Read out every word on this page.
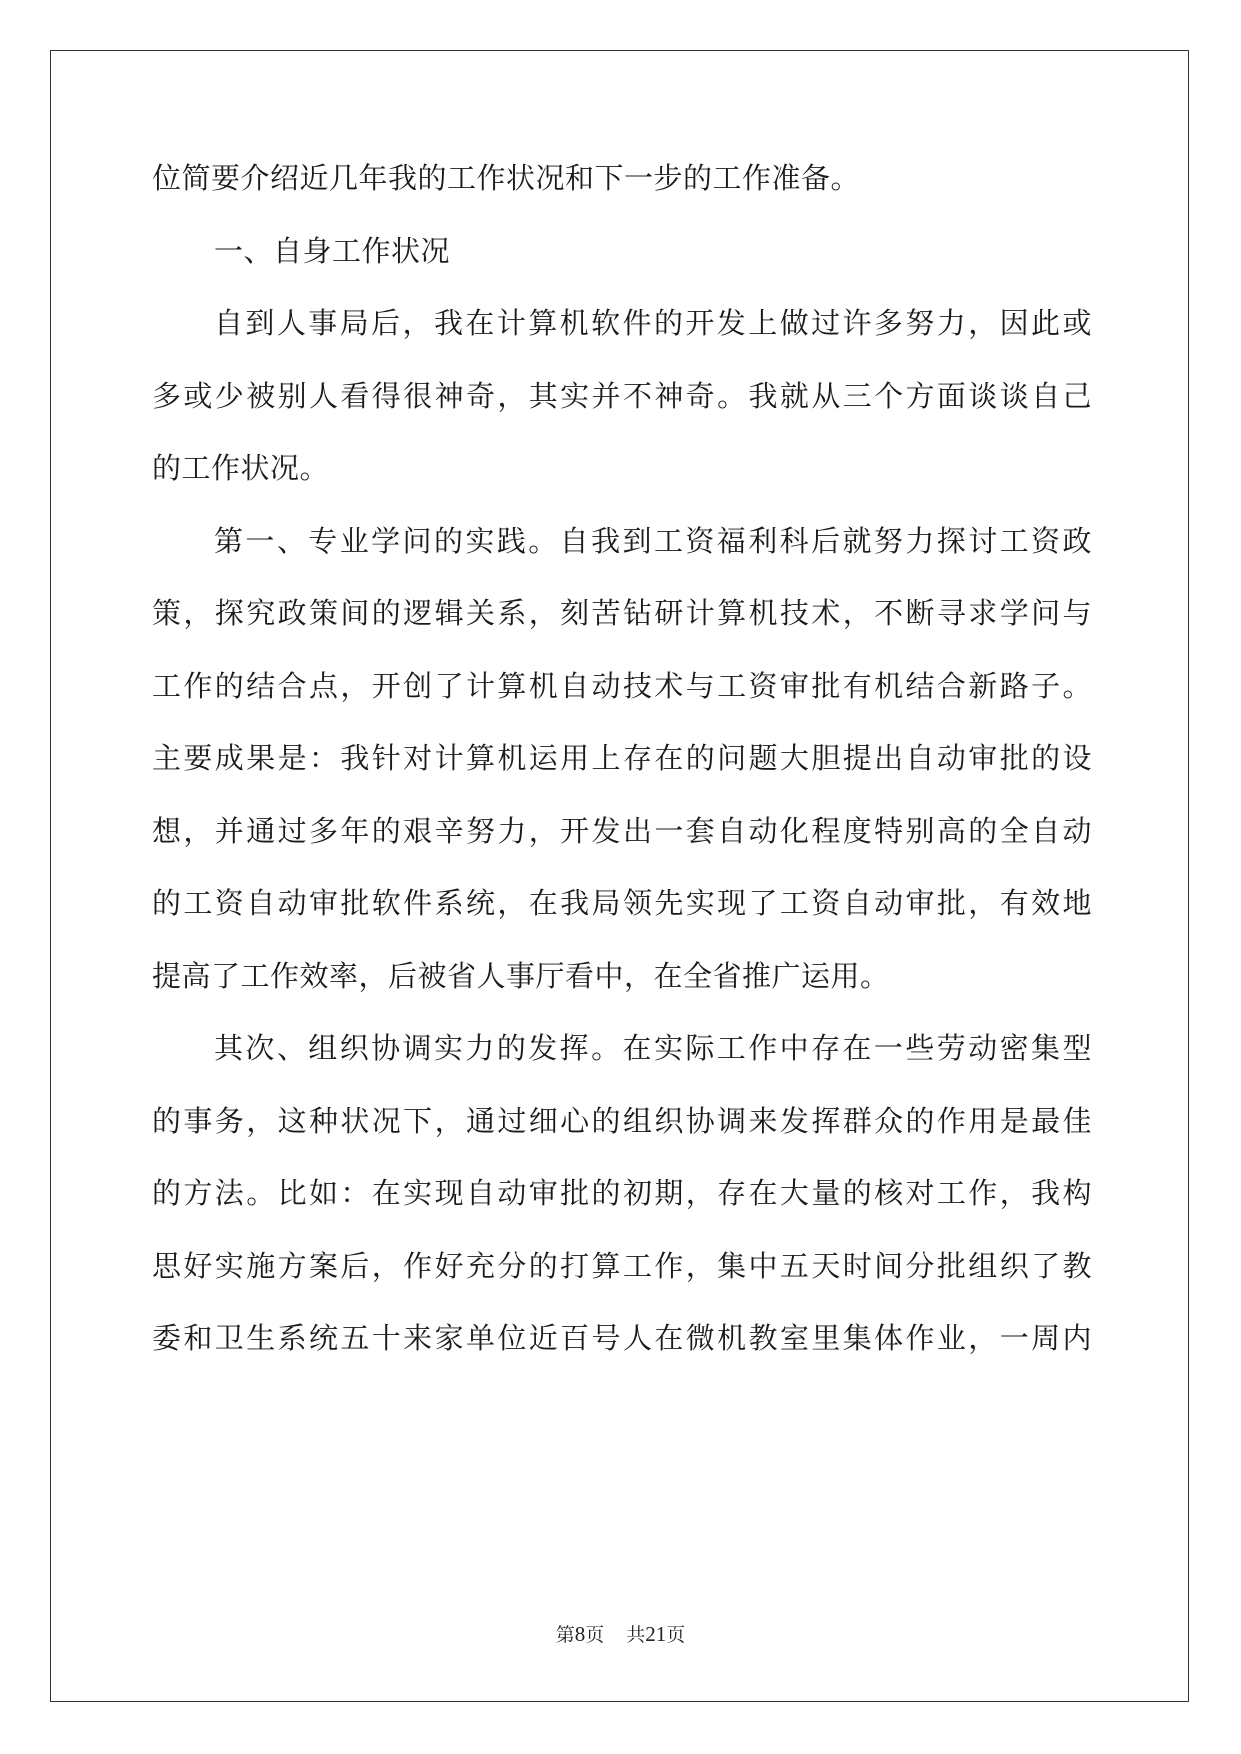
位简要介绍近几年我的工作状况和下一步的工作准备。
一、自身工作状况
自到人事局后，我在计算机软件的开发上做过许多努力，因此或
多或少被别人看得很神奇，其实并不神奇。我就从三个方面谈谈自己
的工作状况。
第一、专业学问的实践。自我到工资福利科后就努力探讨工资政
策，探究政策间的逻辑关系，刻苦钻研计算机技术，不断寻求学问与
工作的结合点，开创了计算机自动技术与工资审批有机结合新路子。
主要成果是：我针对计算机运用上存在的问题大胆提出自动审批的设
想，并通过多年的艰辛努力，开发出一套自动化程度特别高的全自动
的工资自动审批软件系统，在我局领先实现了工资自动审批，有效地
提高了工作效率，后被省人事厅看中，在全省推广运用。
其次、组织协调实力的发挥。在实际工作中存在一些劳动密集型
的事务，这种状况下，通过细心的组织协调来发挥群众的作用是最佳
的方法。比如：在实现自动审批的初期，存在大量的核对工作，我构
思好实施方案后，作好充分的打算工作，集中五天时间分批组织了教
委和卫生系统五十来家单位近百号人在微机教室里集体作业，一周内
第8页 共21页
